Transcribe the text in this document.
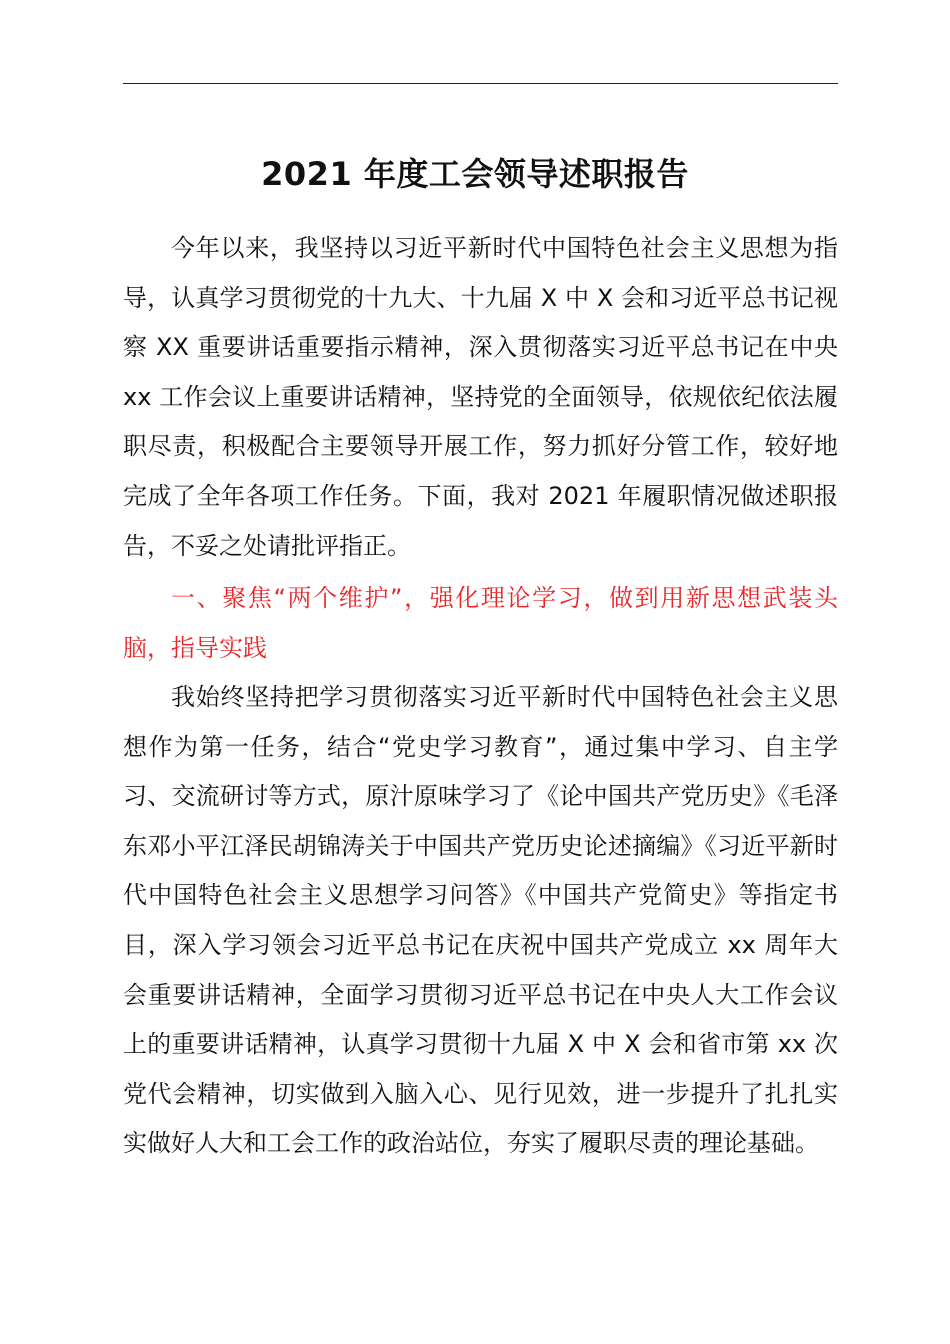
2021 年度工会领导述职报告

今年以来，我坚持以习近平新时代中国特色社会主义思想为指导，认真学习贯彻党的十九大、十九届 X 中 X 会和习近平总书记视察 XX 重要讲话重要指示精神，深入贯彻落实习近平总书记在中央 xx 工作会议上重要讲话精神，坚持党的全面领导，依规依纪依法履职尽责，积极配合主要领导开展工作，努力抓好分管工作，较好地完成了全年各项工作任务。下面，我对 2021 年履职情况做述职报告，不妥之处请批评指正。

一、聚焦“两个维护”，强化理论学习，做到用新思想武装头脑，指导实践

我始终坚持把学习贯彻落实习近平新时代中国特色社会主义思想作为第一任务，结合“党史学习教育”，通过集中学习、自主学习、交流研讨等方式，原汁原味学习了《论中国共产党历史》《毛泽东邓小平江泽民胡锦涛关于中国共产党历史论述摘编》《习近平新时代中国特色社会主义思想学习问答》《中国共产党简史》等指定书目，深入学习领会习近平总书记在庆祝中国共产党成立 xx 周年大会重要讲话精神，全面学习贯彻习近平总书记在中央人大工作会议上的重要讲话精神，认真学习贯彻十九届 X 中 X 会和省市第 xx 次党代会精神，切实做到入脑入心、见行见效，进一步提升了扎扎实实做好人大和工会工作的政治站位，夯实了履职尽责的理论基础。
